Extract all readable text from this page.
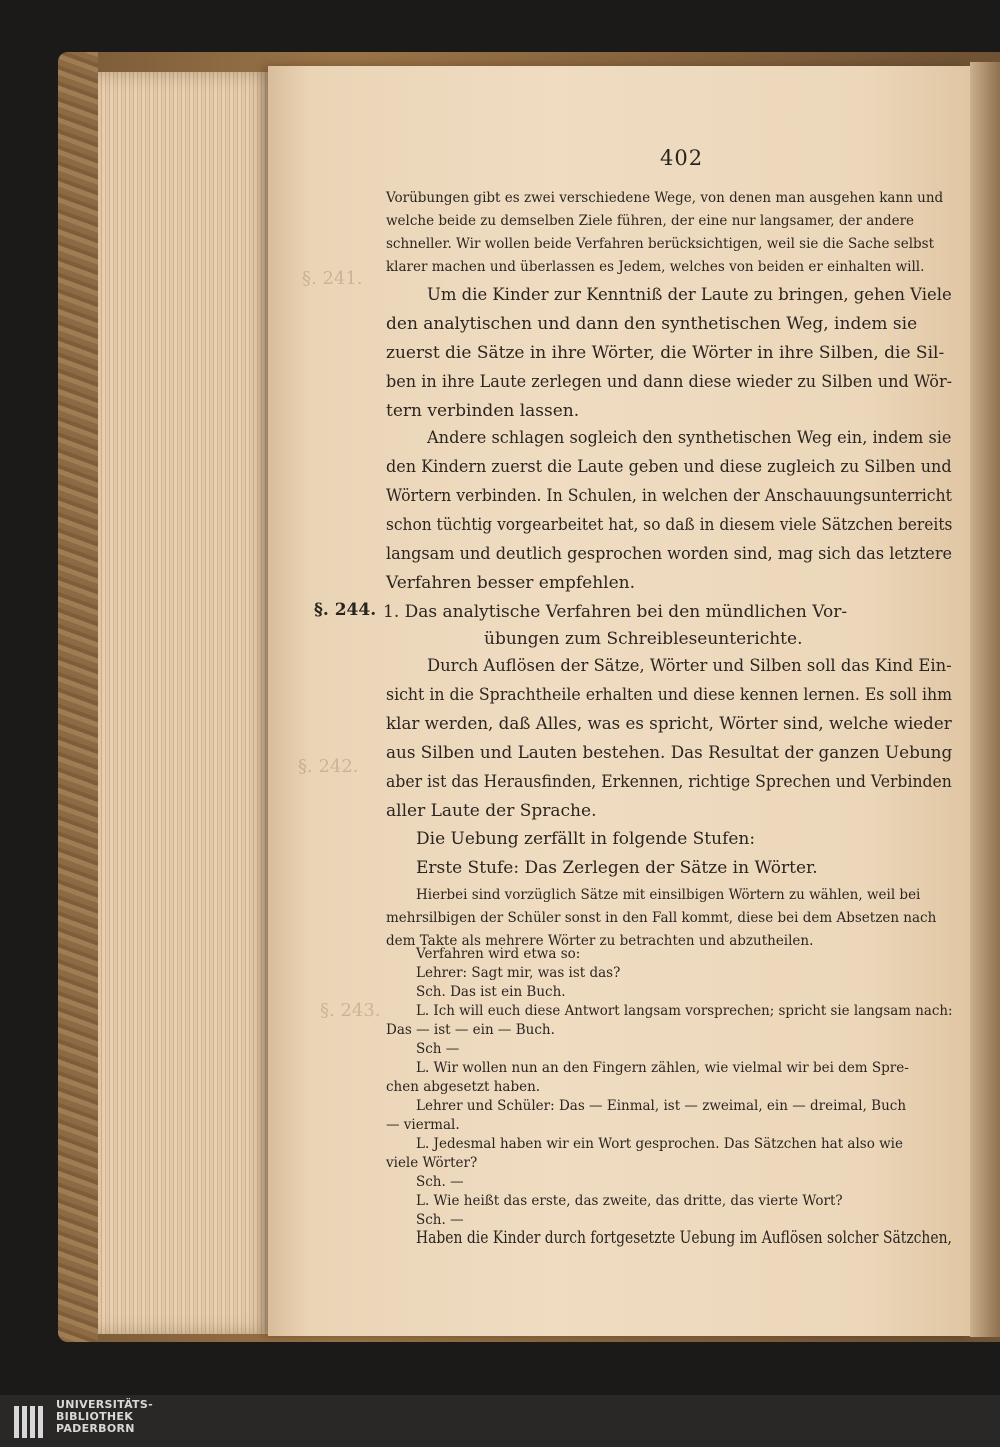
§. 241.
§. 242.
§. 243.
402
§. 244.
Vorübungen gibt es zwei verschiedene Wege, von denen man ausgehen kann und
welche beide zu demselben Ziele führen, der eine nur langsamer, der andere
schneller. Wir wollen beide Verfahren berücksichtigen, weil sie die Sache selbst
klarer machen und überlassen es Jedem, welches von beiden er einhalten will.
Um die Kinder zur Kenntniß der Laute zu bringen, gehen Viele
den analytischen und dann den synthetischen Weg, indem sie
zuerst die Sätze in ihre Wörter, die Wörter in ihre Silben, die Sil-
ben in ihre Laute zerlegen und dann diese wieder zu Silben und Wör-
tern verbinden lassen.
Andere schlagen sogleich den synthetischen Weg ein, indem sie
den Kindern zuerst die Laute geben und diese zugleich zu Silben und
Wörtern verbinden. In Schulen, in welchen der Anschauungsunterricht
schon tüchtig vorgearbeitet hat, so daß in diesem viele Sätzchen bereits
langsam und deutlich gesprochen worden sind, mag sich das letztere
Verfahren besser empfehlen.
1. Das analytische Verfahren bei den mündlichen Vor-
übungen zum Schreibleseunterichte.
Durch Auflösen der Sätze, Wörter und Silben soll das Kind Ein-
sicht in die Sprachtheile erhalten und diese kennen lernen. Es soll ihm
klar werden, daß Alles, was es spricht, Wörter sind, welche wieder
aus Silben und Lauten bestehen. Das Resultat der ganzen Uebung
aber ist das Herausfinden, Erkennen, richtige Sprechen und Verbinden
aller Laute der Sprache.
Die Uebung zerfällt in folgende Stufen:
Erste Stufe: Das Zerlegen der Sätze in Wörter.
Hierbei sind vorzüglich Sätze mit einsilbigen Wörtern zu wählen, weil bei
mehrsilbigen der Schüler sonst in den Fall kommt, diese bei dem Absetzen nach
dem Takte als mehrere Wörter zu betrachten und abzutheilen.
Verfahren wird etwa so:
Lehrer: Sagt mir, was ist das?
Sch. Das ist ein Buch.
L. Ich will euch diese Antwort langsam vorsprechen; spricht sie langsam nach:
Das — ist — ein — Buch.
Sch —
L. Wir wollen nun an den Fingern zählen, wie vielmal wir bei dem Spre-
chen abgesetzt haben.
Lehrer und Schüler: Das — Einmal, ist — zweimal, ein — dreimal, Buch
— viermal.
L. Jedesmal haben wir ein Wort gesprochen. Das Sätzchen hat also wie
viele Wörter?
Sch. —
L. Wie heißt das erste, das zweite, das dritte, das vierte Wort?
Sch. —
Haben die Kinder durch fortgesetzte Uebung im Auflösen solcher Sätzchen,
UNIVERSITÄTS-
BIBLIOTHEK
PADERBORN
